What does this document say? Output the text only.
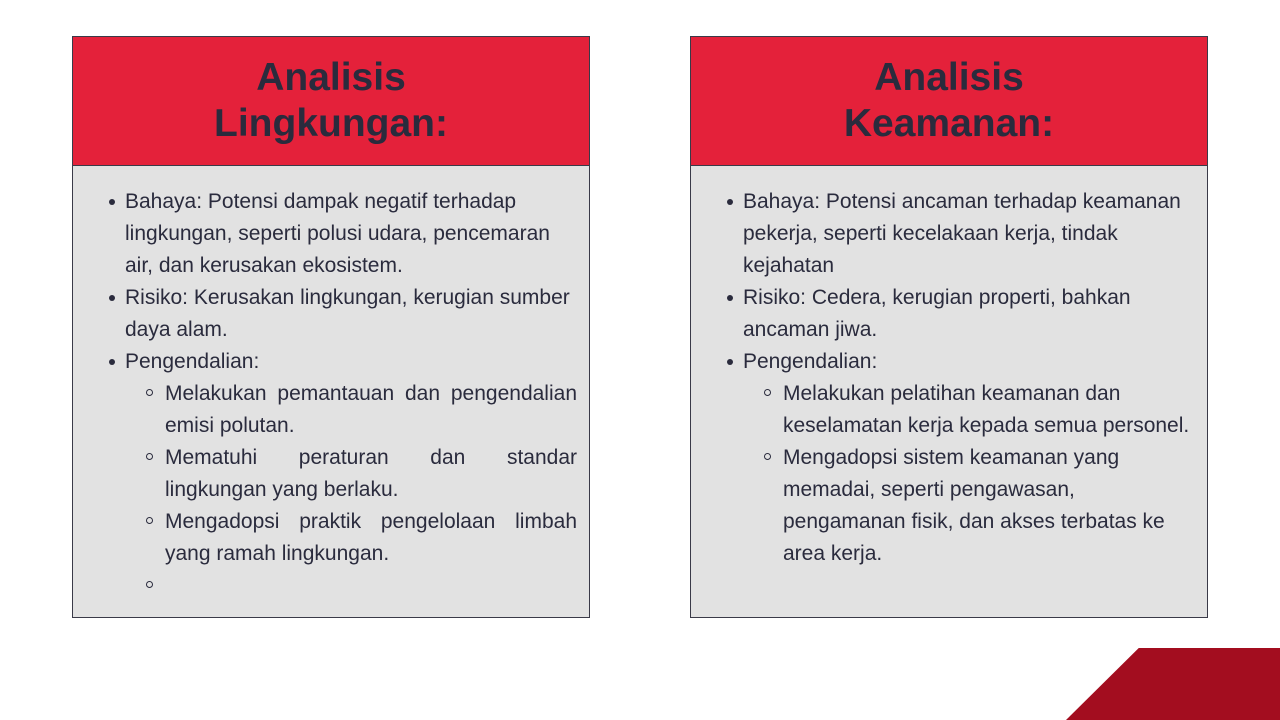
Analisis
Lingkungan:
Bahaya: Potensi dampak negatif terhadap lingkungan, seperti polusi udara, pencemaran air, dan kerusakan ekosistem.
Risiko: Kerusakan lingkungan, kerugian sumber daya alam.
Pengendalian:
Melakukan pemantauan dan pengendalian emisi polutan.
Mematuhi peraturan dan standar lingkungan yang berlaku.
Mengadopsi praktik pengelolaan limbah yang ramah lingkungan.
Analisis
Keamanan:
Bahaya: Potensi ancaman terhadap keamanan pekerja, seperti kecelakaan kerja, tindak kejahatan
Risiko: Cedera, kerugian properti, bahkan ancaman jiwa.
Pengendalian:
Melakukan pelatihan keamanan dan keselamatan kerja kepada semua personel.
Mengadopsi sistem keamanan yang memadai, seperti pengawasan, pengamanan fisik, dan akses terbatas ke area kerja.
